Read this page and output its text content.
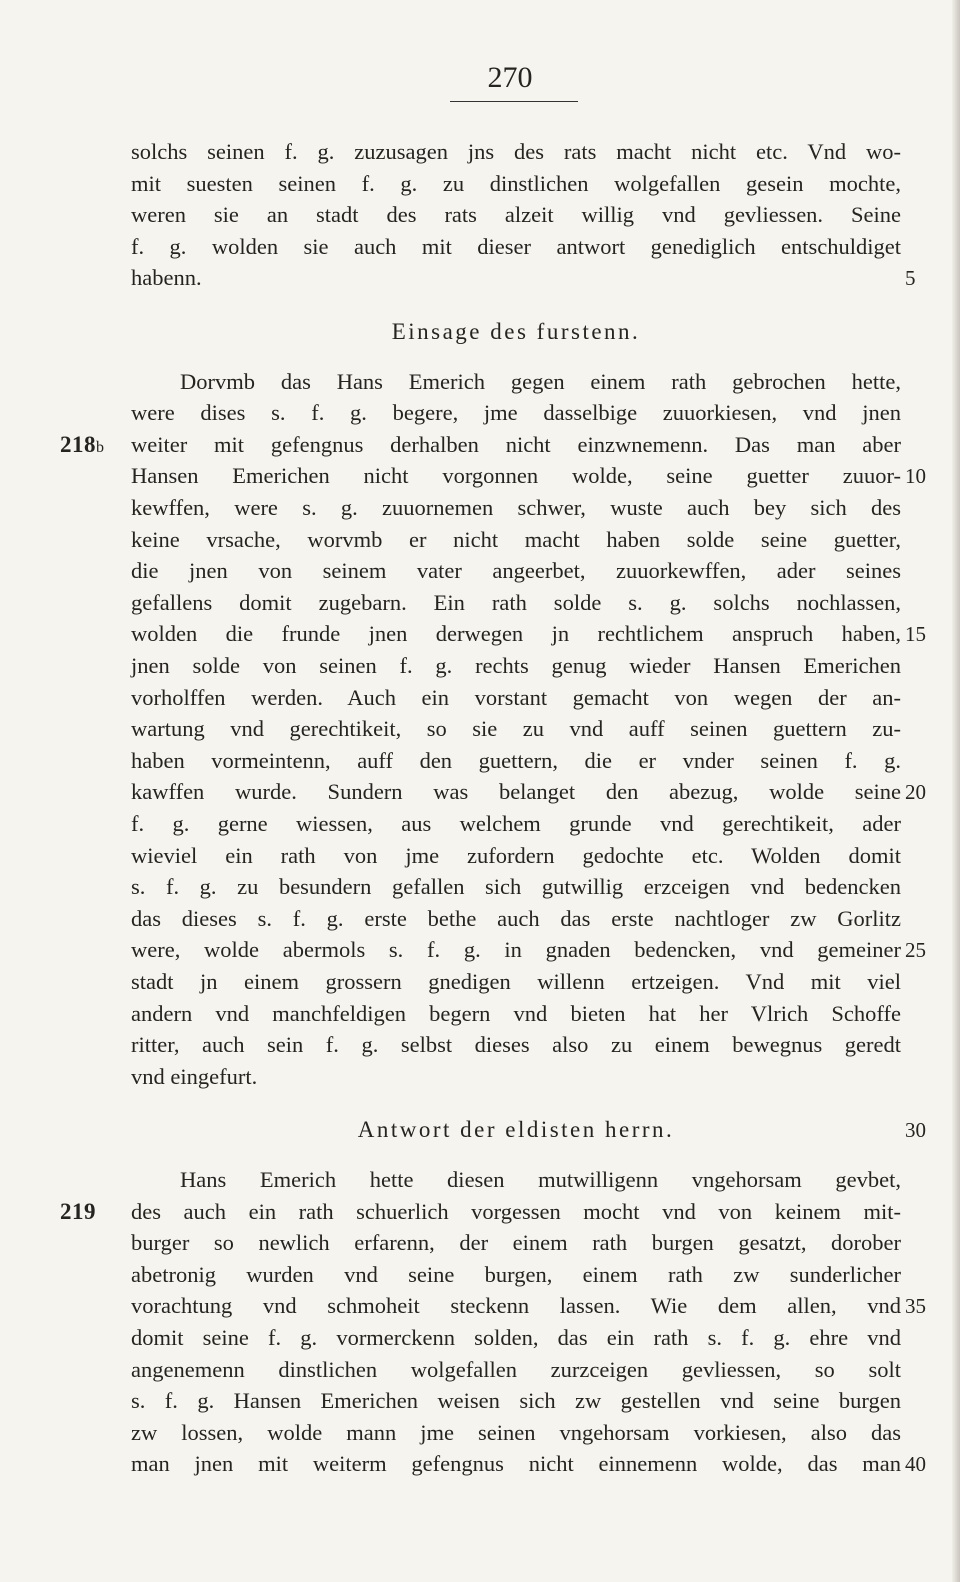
270
solchs seinen f. g. zuzusagen jns des rats macht nicht etc. Vnd wo-
mit suesten seinen f. g. zu dinstlichen wolgefallen gesein mochte,
weren sie an stadt des rats alzeit willig vnd gevliessen. Seine
f. g. wolden sie auch mit dieser antwort genediglich entschuldiget
habenn.	5
Einsage des furstenn.
Dorvmb das Hans Emerich gegen einem rath gebrochen hette,
were dises s. f. g. begere, jme dasselbige zuuorkiesen, vnd jnen
weiter mit gefengnus derhalben nicht einzwnemenn. Das man aber
218b
Hansen Emerichen nicht vorgonnen wolde, seine guetter zuuor- 10
kewffen, were s. g. zuuornemen schwer, wuste auch bey sich des
keine vrsache, worvmb er nicht macht haben solde seine guetter,
die jnen von seinem vater angeerbet, zuuorkewffen, ader seines
gefallens domit zugebarn. Ein rath solde s. g. solchs nochlassen,
wolden die frunde jnen derwegen jn rechtlichem anspruch haben, 15
jnen solde von seinen f. g. rechts genug wieder Hansen Emerichen
vorholffen werden. Auch ein vorstant gemacht von wegen der an-
wartung vnd gerechtikeit, so sie zu vnd auff seinen guettern zu-
haben vormeintenn, auff den guettern, die er vnder seinen f. g.
kawffen wurde. Sundern was belanget den abezug, wolde seine 20
f. g. gerne wiessen, aus welchem grunde vnd gerechtikeit, ader
wieviel ein rath von jme zufordern gedochte etc. Wolden domit
s. f. g. zu besundern gefallen sich gutwillig erzceigen vnd bedencken
das dieses s. f. g. erste bethe auch das erste nachtloger zw Gorlitz
were, wolde abermols s. f. g. in gnaden bedencken, vnd gemeiner 25
stadt jn einem grossern gnedigen willenn ertzeigen. Vnd mit viel
andern vnd manchfeldigen begern vnd bieten hat her Vlrich Schoffe
ritter, auch sein f. g. selbst dieses also zu einem bewegnus geredt
vnd eingefurt.
Antwort der eldisten herrn.	30
Hans Emerich hette diesen mutwilligenn vngehorsam gevbet,
des auch ein rath schuerlich vorgessen mocht vnd von keinem mit-
219
burger so newlich erfarenn, der einem rath burgen gesatzt, dorober
abetronig wurden vnd seine burgen, einem rath zw sunderlicher
vorachtung vnd schmoheit steckenn lassen. Wie dem allen, vnd 35
domit seine f. g. vormerckenn solden, das ein rath s. f. g. ehre vnd
angenemenn dinstlichen wolgefallen zurzceigen gevliessen, so solt
s. f. g. Hansen Emerichen weisen sich zw gestellen vnd seine burgen
zw lossen, wolde mann jme seinen vngehorsam vorkiesen, also das
man jnen mit weiterm gefengnus nicht einnemenn wolde, das man 40
